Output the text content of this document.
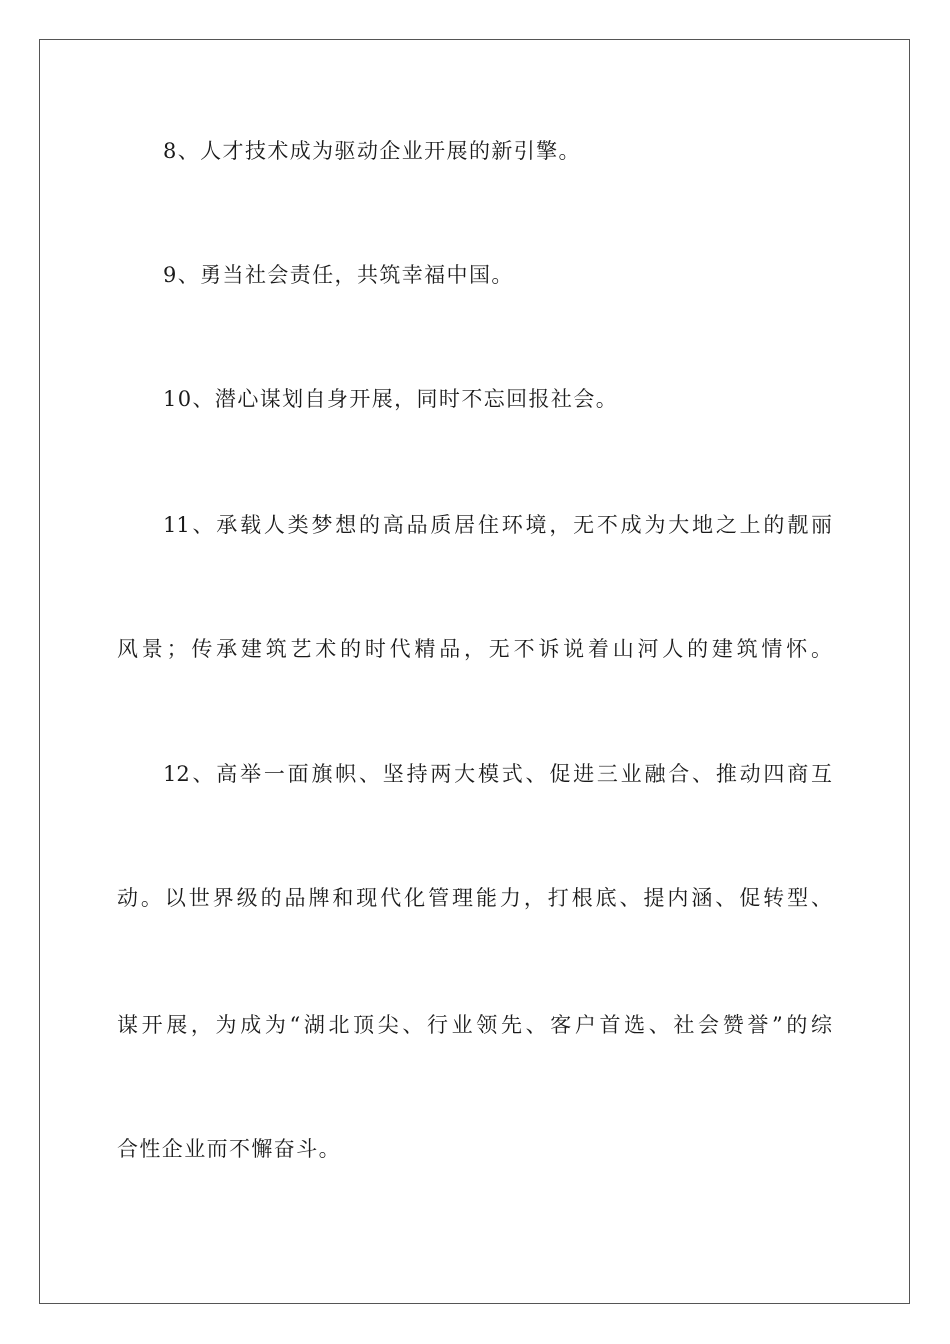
8、人才技术成为驱动企业开展的新引擎。
9、勇当社会责任，共筑幸福中国。
10、潜心谋划自身开展，同时不忘回报社会。
11、承载人类梦想的高品质居住环境，无不成为大地之上的靓丽
风景；传承建筑艺术的时代精品，无不诉说着山河人的建筑情怀。
12、高举一面旗帜、坚持两大模式、促进三业融合、推动四商互
动。以世界级的品牌和现代化管理能力，打根底、提内涵、促转型、
谋开展，为成为“湖北顶尖、行业领先、客户首选、社会赞誉”的综
合性企业而不懈奋斗。
